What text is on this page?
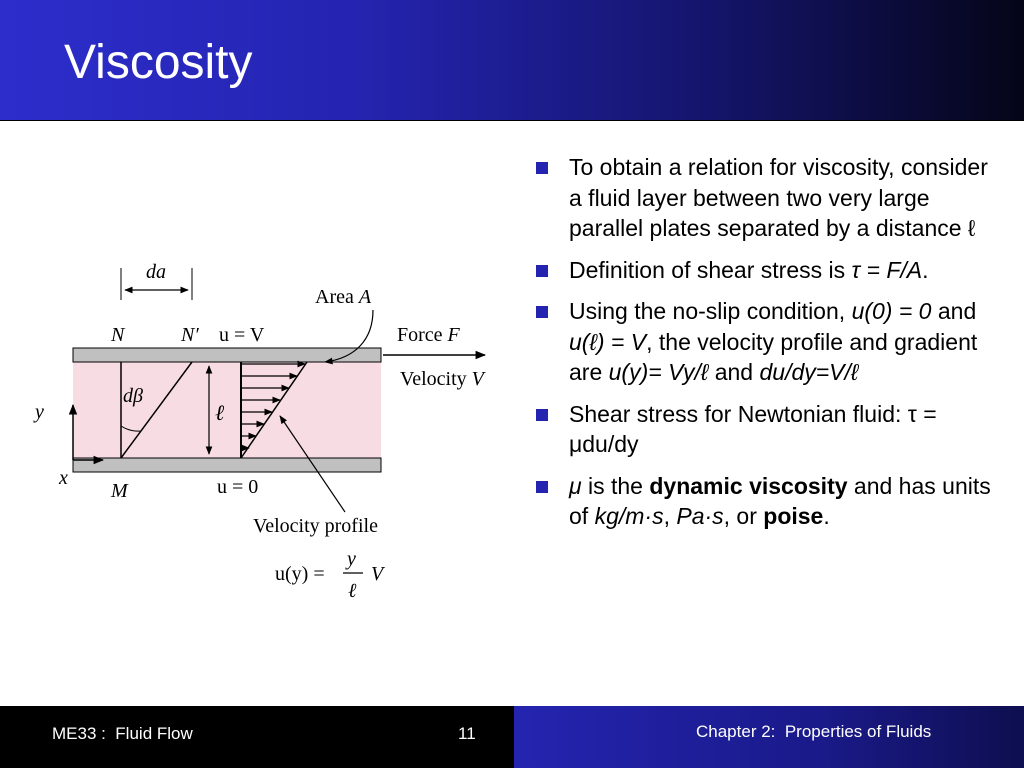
Viscosity
da
Area A
N	N′ u = V	Force F
Velocity V
dβ
ℓ
y
x
M	u = 0
Velocity profile
u(y) =
y
ℓ
V
To obtain a relation for viscosity, consider a fluid layer between two very large parallel plates separated by a distance ℓ
Definition of shear stress is τ = F/A.
Using the no-slip condition, u(0) = 0 and u(ℓ) = V, the velocity profile and gradient are u(y)= Vy/ℓ and du/dy=V/ℓ
Shear stress for Newtonian fluid: τ = μdu/dy
μ is the dynamic viscosity and has units of kg/m·s, Pa·s, or poise.
ME33 :  Fluid Flow	11	Chapter 2:  Properties of Fluids
